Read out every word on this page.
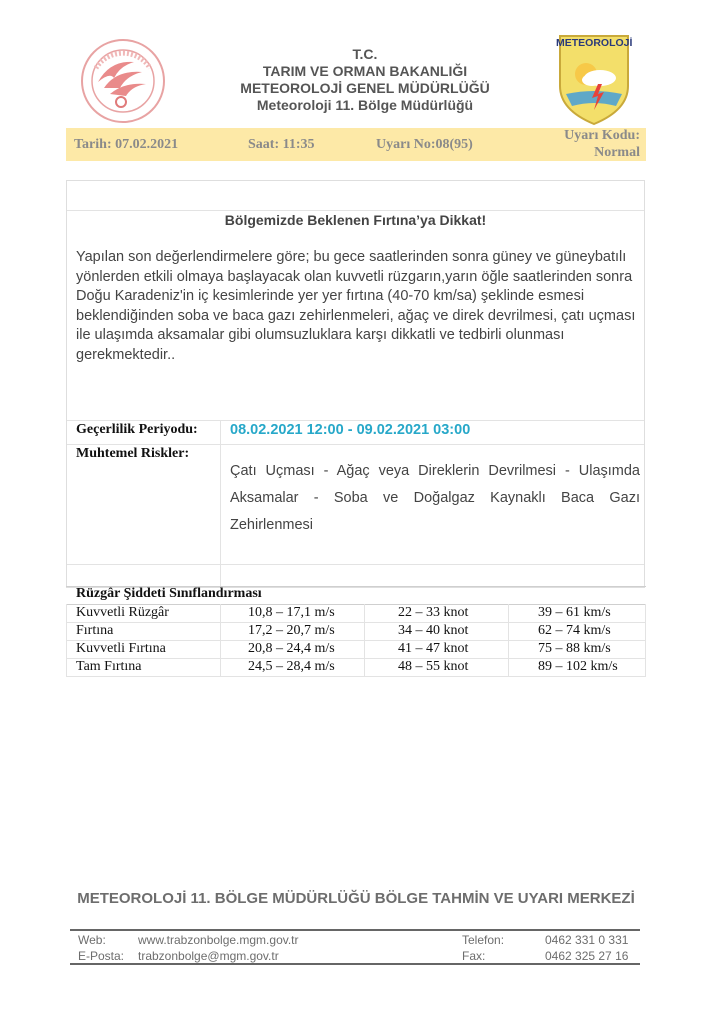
T.C.
TARIM VE ORMAN BAKANLIĞI
METEOROLOJİ GENEL MÜDÜRLÜĞÜ
Meteoroloji 11. Bölge Müdürlüğü
METEOROLOJİ
Tarih: 07.02.2021	Saat: 11:35	Uyarı No:08(95)
Uyarı Kodu:
Normal
Bölgemizde Beklenen Fırtına’ya Dikkat!
Yapılan son değerlendirmelere göre; bu gece saatlerinden sonra güney ve güneybatılı yönlerden etkili olmaya başlayacak olan kuvvetli rüzgarın,yarın öğle saatlerinden sonra Doğu Karadeniz'in iç kesimlerinde yer yer fırtına (40-70 km/sa) şeklinde esmesi beklendiğinden soba ve baca gazı zehirlenmeleri, ağaç ve direk devrilmesi, çatı uçması ile ulaşımda aksamalar gibi olumsuzluklara karşı dikkatli ve tedbirli olunması gerekmektedir..
Geçerlilik Periyodu: 08.02.2021 12:00 - 09.02.2021 03:00
Muhtemel Riskler:
Çatı Uçması - Ağaç veya Direklerin Devrilmesi - Ulaşımda Aksamalar - Soba ve Doğalgaz Kaynaklı Baca Gazı Zehirlenmesi
Rüzgâr Şiddeti Sınıflandırması
Kuvvetli Rüzgâr	10,8 – 17,1 m/s	22 – 33 knot	39 – 61 km/s
Fırtına	17,2 – 20,7 m/s	34 – 40 knot	62 – 74 km/s
Kuvvetli Fırtına	20,8 – 24,4 m/s	41 – 47 knot	75 – 88 km/s
Tam Fırtına	24,5 – 28,4 m/s	48 – 55 knot	89 – 102 km/s
METEOROLOJİ 11. BÖLGE MÜDÜRLÜĞÜ BÖLGE TAHMİN VE UYARI MERKEZİ
Web:	www.trabzonbolge.mgm.gov.tr	Telefon:	0462 331 0 331
E-Posta: trabzonbolge@mgm.gov.tr	Fax:	0462 325 27 16
